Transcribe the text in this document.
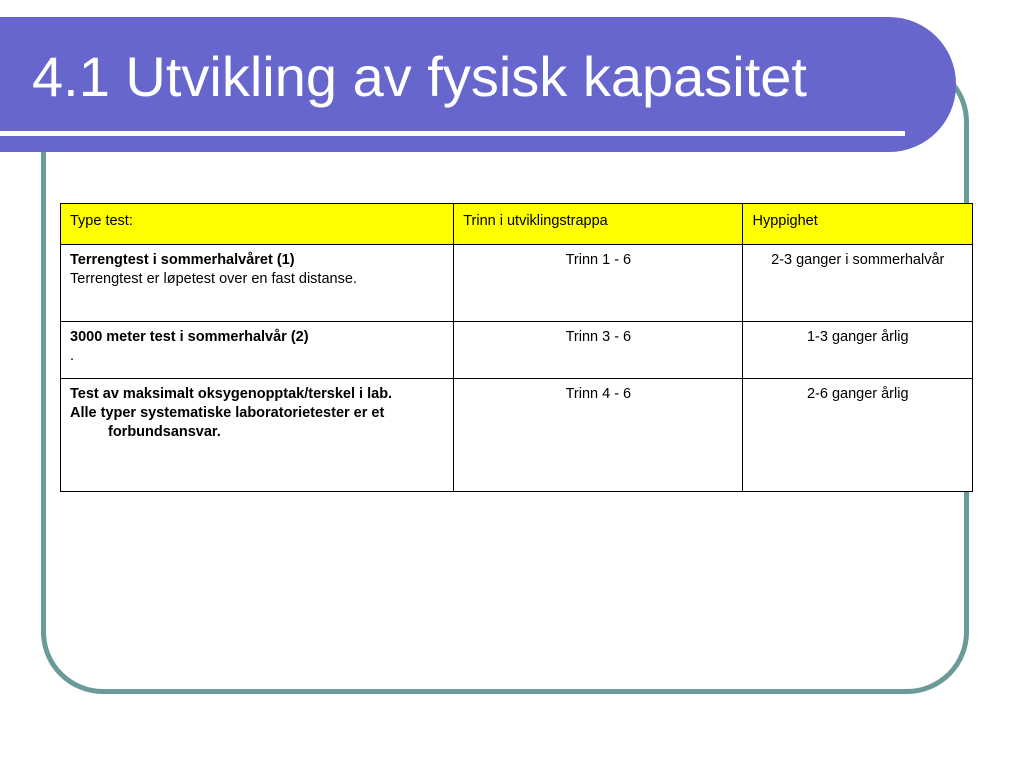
4.1 Utvikling av fysisk kapasitet
Type test:	Trinn i utviklingstrappa	Hyppighet

Terrengtest i sommerhalvåret (1)
Terrengtest er løpetest over en fast distanse.	Trinn 1 - 6	2-3 ganger i sommerhalvår

3000 meter test i sommerhalvår (2)
.	Trinn 3 - 6	1-3 ganger årlig

Test av maksimalt oksygenopptak/terskel i lab.
Alle typer systematiske laboratorietester er et forbundsansvar.	Trinn 4 - 6	2-6 ganger årlig
